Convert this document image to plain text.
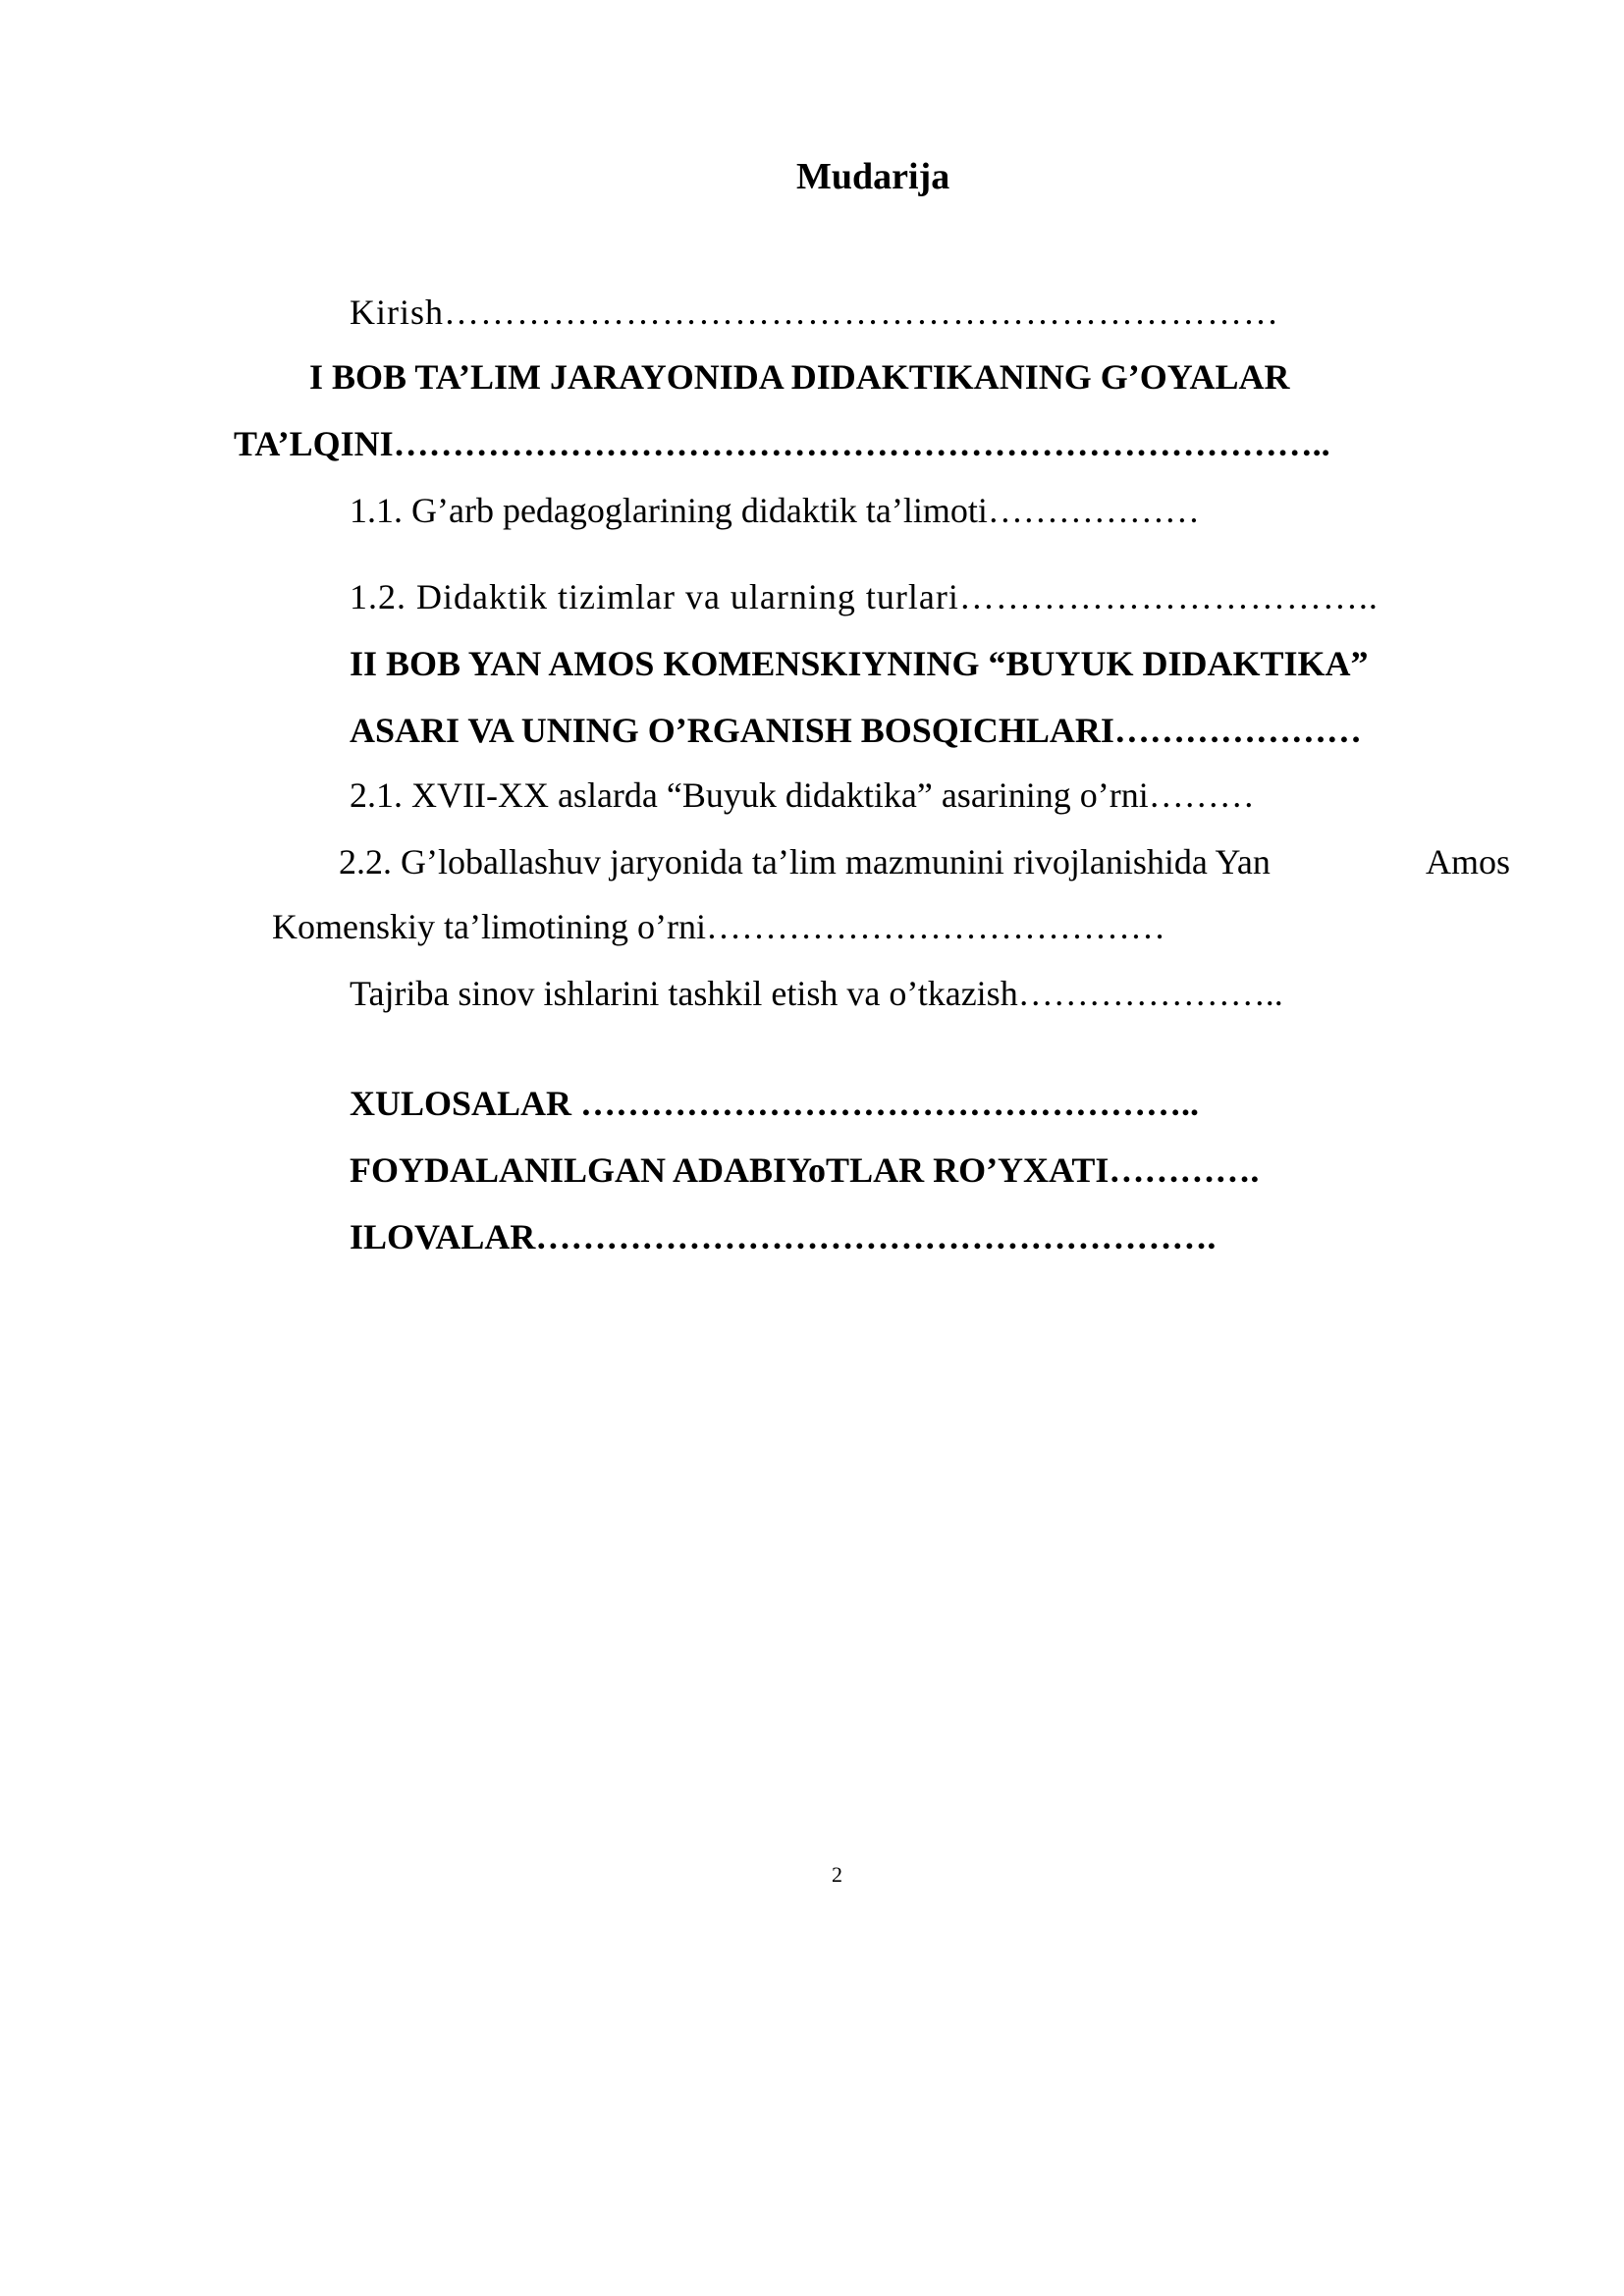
Mudarija
Kirish……………………………………………………………
I BOB TA’LIM JARAYONIDA DIDAKTIKANING G’OYALAR
TA’LQINI……………………………………………………………………..
1.1. G’arb pedagoglarining didaktik ta’limoti………………
1.2. Didaktik tizimlar va ularning turlari……………………………..
II BOB YAN AMOS KOMENSKIYNING “BUYUK DIDAKTIKA”
ASARI VA UNING O’RGANISH BOSQICHLARI…………………
2.1. XVII-XX aslarda “Buyuk didaktika” asarining o’rni………
2.2. G’loballashuv jaryonida ta’lim mazmunini rivojlanishida Yan	Amos
Komenskiy ta’limotining o’rni…………………………………
Tajriba sinov ishlarini tashkil etish va o’tkazish…………………..
XULOSALAR ……………………………………………..
FOYDALANILGAN ADABIYoTLAR RO’YXATI………….
ILOVALAR………………………………………………….
2
